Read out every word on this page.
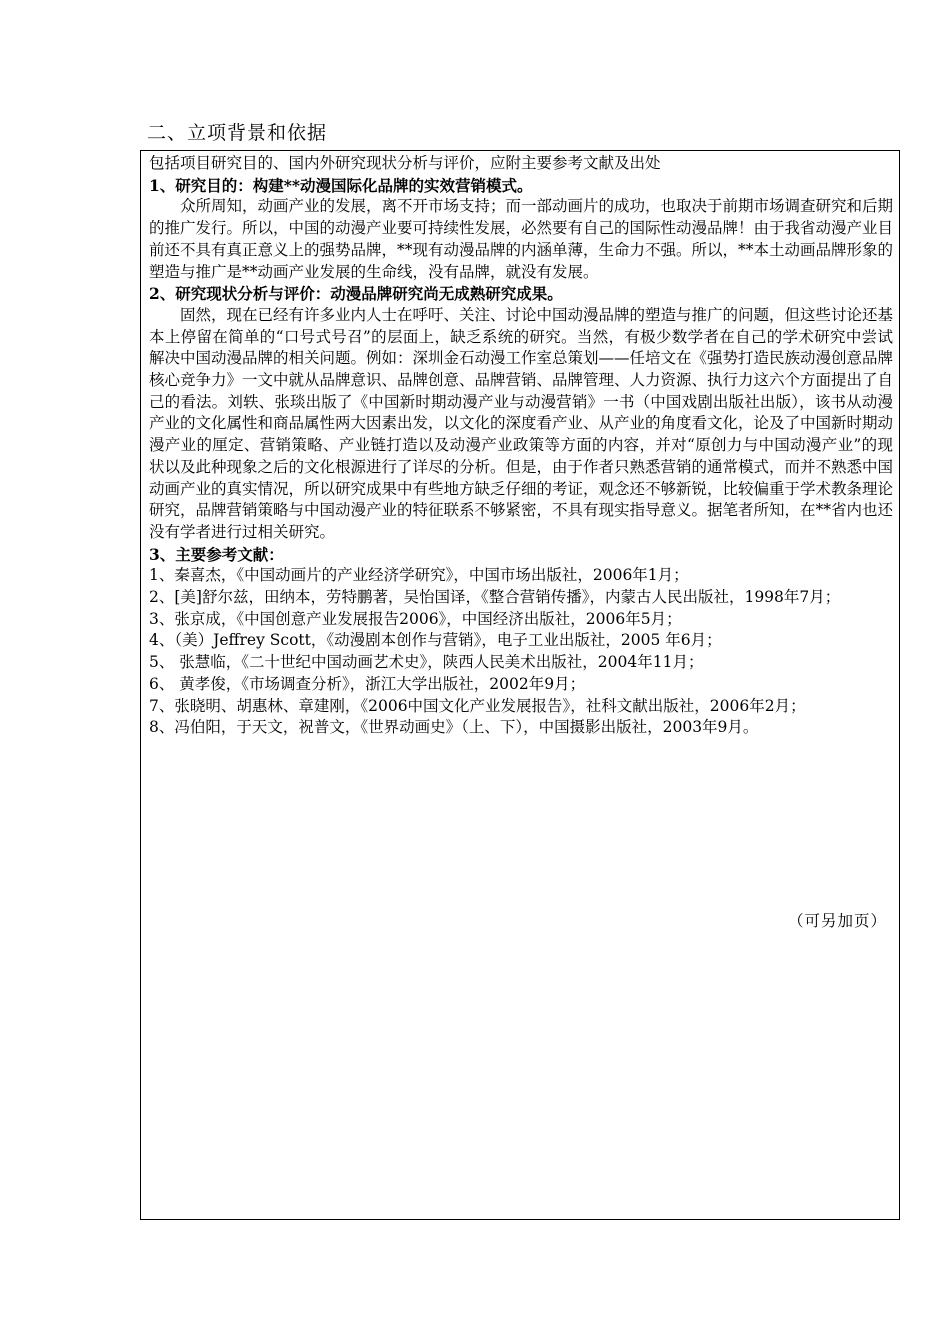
二、立项背景和依据

包括项目研究目的、国内外研究现状分析与评价，应附主要参考文献及出处

1、研究目的：构建**动漫国际化品牌的实效营销模式。

众所周知，动画产业的发展，离不开市场支持；而一部动画片的成功，也取决于前期市场调查研究和后期的推广发行。所以，中国的动漫产业要可持续性发展，必然要有自己的国际性动漫品牌！由于我省动漫产业目前还不具有真正意义上的强势品牌，**现有动漫品牌的内涵单薄，生命力不强。所以，**本土动画品牌形象的塑造与推广是**动画产业发展的生命线，没有品牌，就没有发展。

2、研究现状分析与评价：动漫品牌研究尚无成熟研究成果。

固然，现在已经有许多业内人士在呼吁、关注、讨论中国动漫品牌的塑造与推广的问题，但这些讨论还基本上停留在简单的“口号式号召”的层面上，缺乏系统的研究。当然，有极少数学者在自己的学术研究中尝试解决中国动漫品牌的相关问题。例如：深圳金石动漫工作室总策划——任培文在《强势打造民族动漫创意品牌核心竞争力》一文中就从品牌意识、品牌创意、品牌营销、品牌管理、人力资源、执行力这六个方面提出了自己的看法。刘轶、张琰出版了《中国新时期动漫产业与动漫营销》一书（中国戏剧出版社出版），该书从动漫产业的文化属性和商品属性两大因素出发，以文化的深度看产业、从产业的角度看文化，论及了中国新时期动漫产业的厘定、营销策略、产业链打造以及动漫产业政策等方面的内容，并对“原创力与中国动漫产业”的现状以及此种现象之后的文化根源进行了详尽的分析。但是，由于作者只熟悉营销的通常模式，而并不熟悉中国动画产业的真实情况，所以研究成果中有些地方缺乏仔细的考证，观念还不够新锐，比较偏重于学术教条理论研究，品牌营销策略与中国动漫产业的特征联系不够紧密，不具有现实指导意义。据笔者所知，在**省内也还没有学者进行过相关研究。

3、主要参考文献：

1、秦喜杰，《中国动画片的产业经济学研究》，中国市场出版社，2006年1月；

2、[美]舒尔兹，田纳本，劳特鹏著，吴怡国译，《整合营销传播》，内蒙古人民出版社，1998年7月；

3、张京成，《中国创意产业发展报告2006》，中国经济出版社，2006年5月；

4、（美）Jeffrey Scott，《动漫剧本创作与营销》，电子工业出版社，2005 年6月；

5、 张慧临，《二十世纪中国动画艺术史》，陕西人民美术出版社，2004年11月；

6、 黄孝俊，《市场调查分析》，浙江大学出版社，2002年9月；

7、张晓明、胡惠林、章建刚，《2006中国文化产业发展报告》，社科文献出版社，2006年2月；

8、冯伯阳，于天文，祝普文，《世界动画史》（上、下），中国摄影出版社，2003年9月。

（可另加页）
